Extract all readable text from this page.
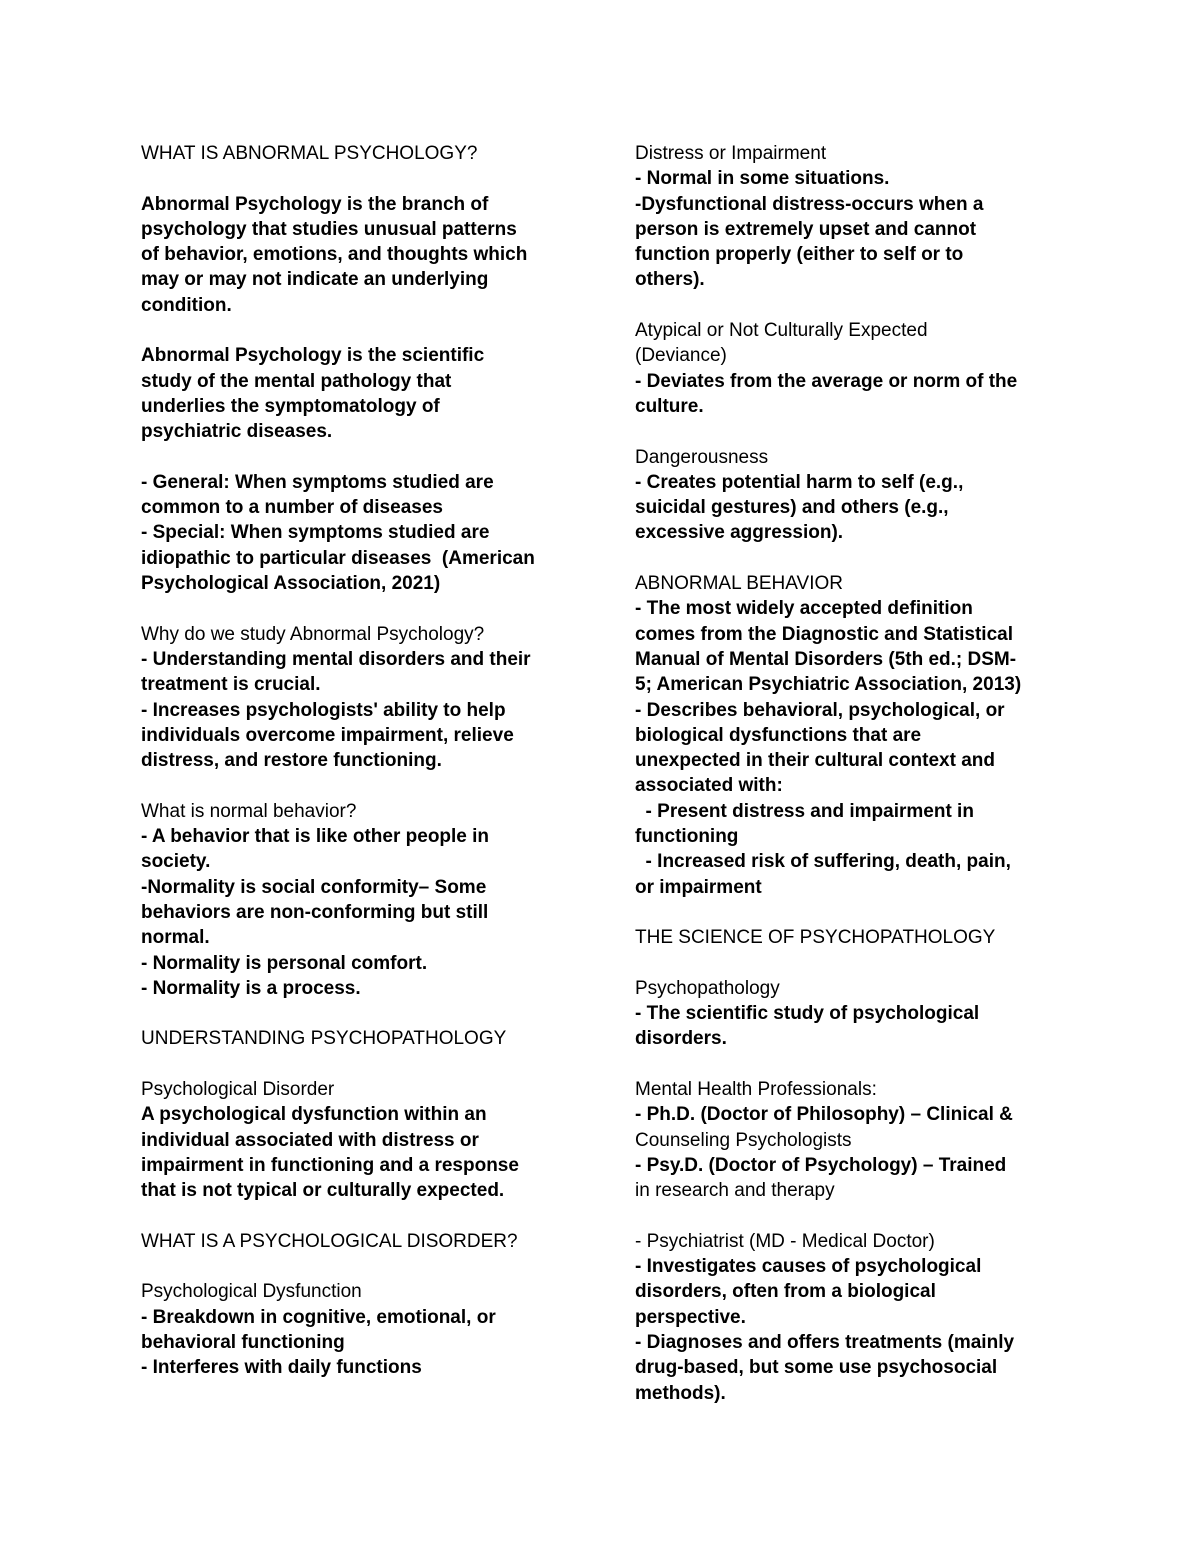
WHAT IS ABNORMAL PSYCHOLOGY?
Abnormal Psychology is the branch of
psychology that studies unusual patterns
of behavior, emotions, and thoughts which
may or may not indicate an underlying
condition.
Abnormal Psychology is the scientific
study of the mental pathology that
underlies the symptomatology of
psychiatric diseases.
- General: When symptoms studied are
common to a number of diseases
- Special: When symptoms studied are
idiopathic to particular diseases  (American
Psychological Association, 2021)
Why do we study Abnormal Psychology?
- Understanding mental disorders and their
treatment is crucial.
- Increases psychologists' ability to help
individuals overcome impairment, relieve
distress, and restore functioning.
What is normal behavior?
- A behavior that is like other people in
society.
-Normality is social conformity– Some
behaviors are non-conforming but still
normal.
- Normality is personal comfort.
- Normality is a process.
UNDERSTANDING PSYCHOPATHOLOGY
Psychological Disorder
A psychological dysfunction within an
individual associated with distress or
impairment in functioning and a response
that is not typical or culturally expected.
WHAT IS A PSYCHOLOGICAL DISORDER?
Psychological Dysfunction
- Breakdown in cognitive, emotional, or
behavioral functioning
- Interferes with daily functions
Distress or Impairment
- Normal in some situations.
-Dysfunctional distress-occurs when a
person is extremely upset and cannot
function properly (either to self or to
others).
Atypical or Not Culturally Expected
(Deviance)
- Deviates from the average or norm of the
culture.
Dangerousness
- Creates potential harm to self (e.g.,
suicidal gestures) and others (e.g.,
excessive aggression).
ABNORMAL BEHAVIOR
- The most widely accepted definition
comes from the Diagnostic and Statistical
Manual of Mental Disorders (5th ed.; DSM-
5; American Psychiatric Association, 2013)
- Describes behavioral, psychological, or
biological dysfunctions that are
unexpected in their cultural context and
associated with:
- Present distress and impairment in
functioning
- Increased risk of suffering, death, pain,
or impairment
THE SCIENCE OF PSYCHOPATHOLOGY
Psychopathology
- The scientific study of psychological
disorders.
Mental Health Professionals:
- Ph.D. (Doctor of Philosophy) – Clinical &
Counseling Psychologists
- Psy.D. (Doctor of Psychology) – Trained
in research and therapy
- Psychiatrist (MD - Medical Doctor)
- Investigates causes of psychological
disorders, often from a biological
perspective.
- Diagnoses and offers treatments (mainly
drug-based, but some use psychosocial
methods).
